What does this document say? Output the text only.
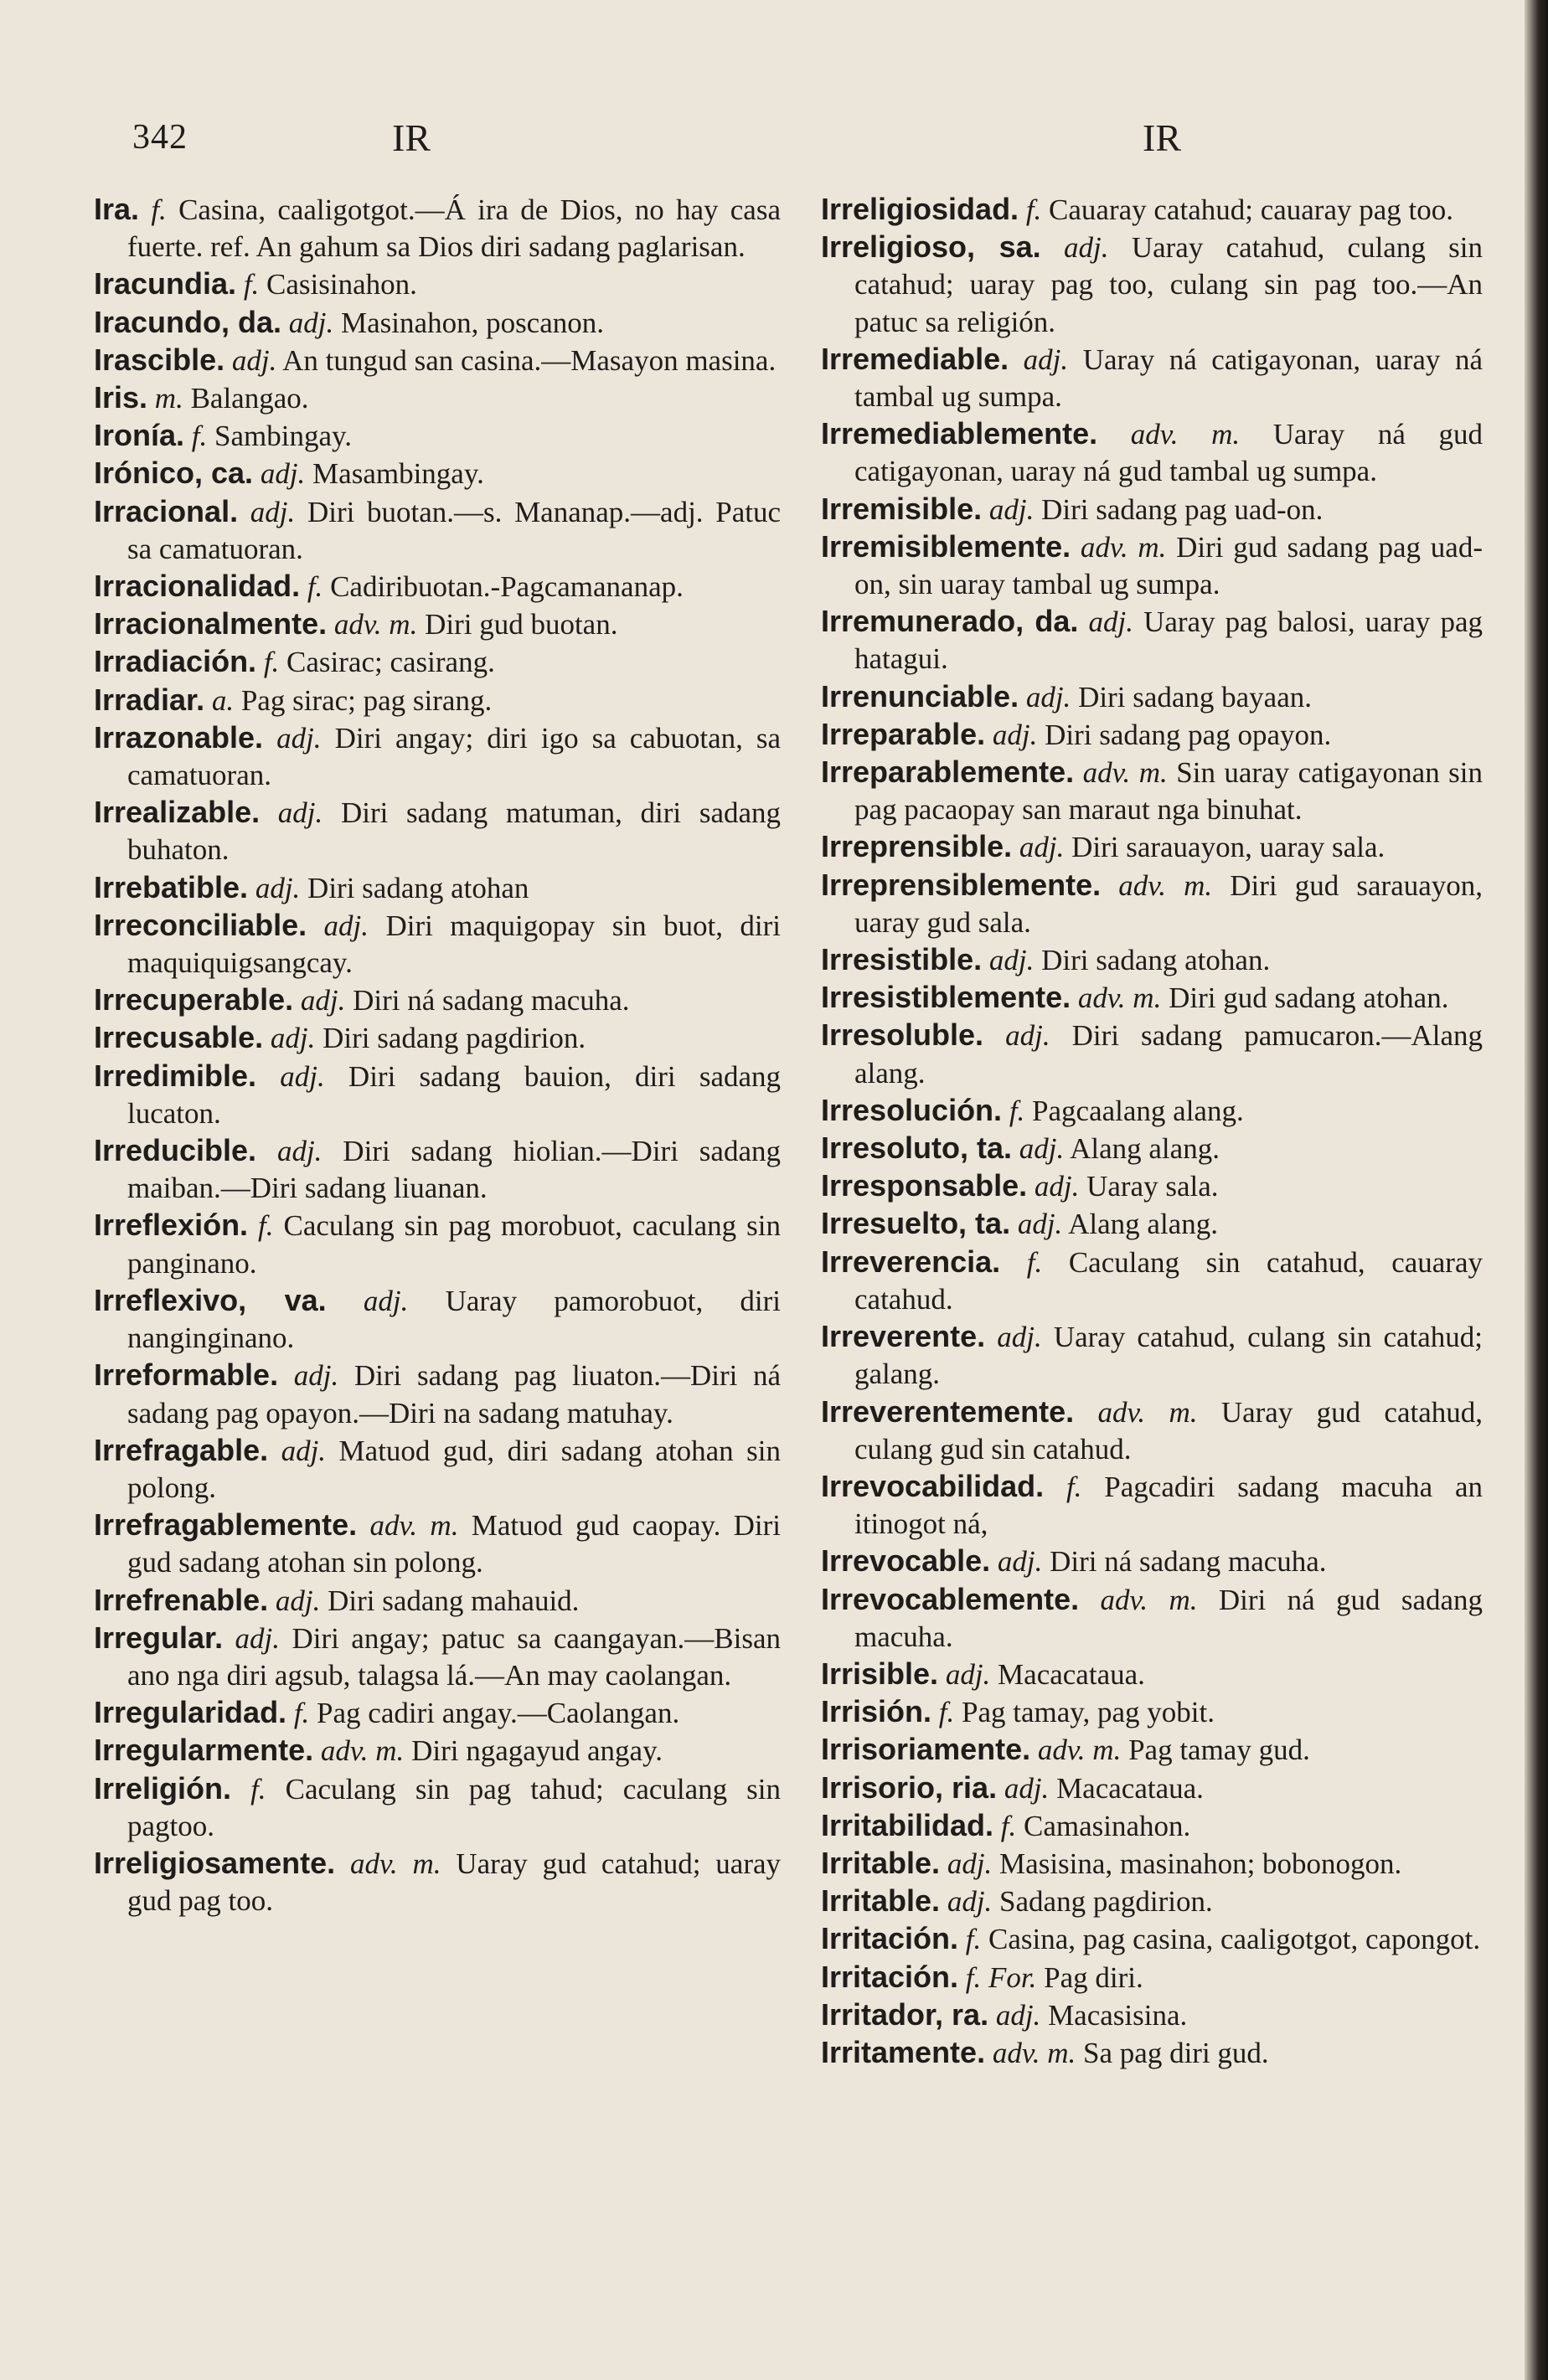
342	IR	IR
Ira. f. Casina, caaligotgot.—Á ira de Dios, no hay casa fuerte. ref. An gahum sa Dios diri sadang paglarisan.
Iracundia. f. Casisinahon.
Iracundo, da. adj. Masinahon, poscanon.
Irascible. adj. An tungud san casina.—Masayon masina.
Iris. m. Balangao.
Ironía. f. Sambingay.
Irónico, ca. adj. Masambingay.
Irracional. adj. Diri buotan.—s. Mananap.—adj. Patuc sa camatuoran.
Irracionalidad. f. Cadiribuotan.-Pagcamananap.
Irracionalmente. adv. m. Diri gud buotan.
Irradiación. f. Casirac; casirang.
Irradiar. a. Pag sirac; pag sirang.
Irrazonable. adj. Diri angay; diri igo sa cabuotan, sa camatuoran.
Irrealizable. adj. Diri sadang matuman, diri sadang buhaton.
Irrebatible. adj. Diri sadang atohan
Irreconciliable. adj. Diri maquigopay sin buot, diri maquiquigsangcay.
Irrecuperable. adj. Diri ná sadang macuha.
Irrecusable. adj. Diri sadang pagdirion.
Irredimible. adj. Diri sadang bauion, diri sadang lucaton.
Irreducible. adj. Diri sadang hiolian.—Diri sadang maiban.—Diri sadang liuanan.
Irreflexión. f. Caculang sin pag morobuot, caculang sin panginano.
Irreflexivo, va. adj. Uaray pamorobuot, diri nanginginano.
Irreformable. adj. Diri sadang pag liuaton.—Diri ná sadang pag opayon.—Diri na sadang matuhay.
Irrefragable. adj. Matuod gud, diri sadang atohan sin polong.
Irrefragablemente. adv. m. Matuod gud caopay. Diri gud sadang atohan sin polong.
Irrefrenable. adj. Diri sadang mahauid.
Irregular. adj. Diri angay; patuc sa caangayan.—Bisan ano nga diri agsub, talagsa lá.—An may caolangan.
Irregularidad. f. Pag cadiri angay.—Caolangan.
Irregularmente. adv. m. Diri ngagayud angay.
Irreligión. f. Caculang sin pag tahud; caculang sin pagtoo.
Irreligiosamente. adv. m. Uaray gud catahud; uaray gud pag too.
Irreligiosidad. f. Cauaray catahud; cauaray pag too.
Irreligioso, sa. adj. Uaray catahud, culang sin catahud; uaray pag too, culang sin pag too.—An patuc sa religión.
Irremediable. adj. Uaray ná catigayonan, uaray ná tambal ug sumpa.
Irremediablemente. adv. m. Uaray ná gud catigayonan, uaray ná gud tambal ug sumpa.
Irremisible. adj. Diri sadang pag uad-on.
Irremisiblemente. adv. m. Diri gud sadang pag uad-on, sin uaray tambal ug sumpa.
Irremunerado, da. adj. Uaray pag balosi, uaray pag hatagui.
Irrenunciable. adj. Diri sadang bayaan.
Irreparable. adj. Diri sadang pag opayon.
Irreparablemente. adv. m. Sin uaray catigayonan sin pag pacaopay san maraut nga binuhat.
Irreprensible. adj. Diri sarauayon, uaray sala.
Irreprensiblemente. adv. m. Diri gud sarauayon, uaray gud sala.
Irresistible. adj. Diri sadang atohan.
Irresistiblemente. adv. m. Diri gud sadang atohan.
Irresoluble. adj. Diri sadang pamucaron.—Alang alang.
Irresolución. f. Pagcaalang alang.
Irresoluto, ta. adj. Alang alang.
Irresponsable. adj. Uaray sala.
Irresuelto, ta. adj. Alang alang.
Irreverencia. f. Caculang sin catahud, cauaray catahud.
Irreverente. adj. Uaray catahud, culang sin catahud; galang.
Irreverentemente. adv. m. Uaray gud catahud, culang gud sin catahud.
Irrevocabilidad. f. Pagcadiri sadang macuha an itinogot ná,
Irrevocable. adj. Diri ná sadang macuha.
Irrevocablemente. adv. m. Diri ná gud sadang macuha.
Irrisible. adj. Macacataua.
Irrisión. f. Pag tamay, pag yobit.
Irrisoriamente. adv. m. Pag tamay gud.
Irrisorio, ria. adj. Macacataua.
Irritabilidad. f. Camasinahon.
Irritable. adj. Masisina, masinahon; bobonogon.
Irritable. adj. Sadang pagdirion.
Irritación. f. Casina, pag casina, caaligotgot, capongot.
Irritación. f. For. Pag diri.
Irritador, ra. adj. Macasisina.
Irritamente. adv. m. Sa pag diri gud.
